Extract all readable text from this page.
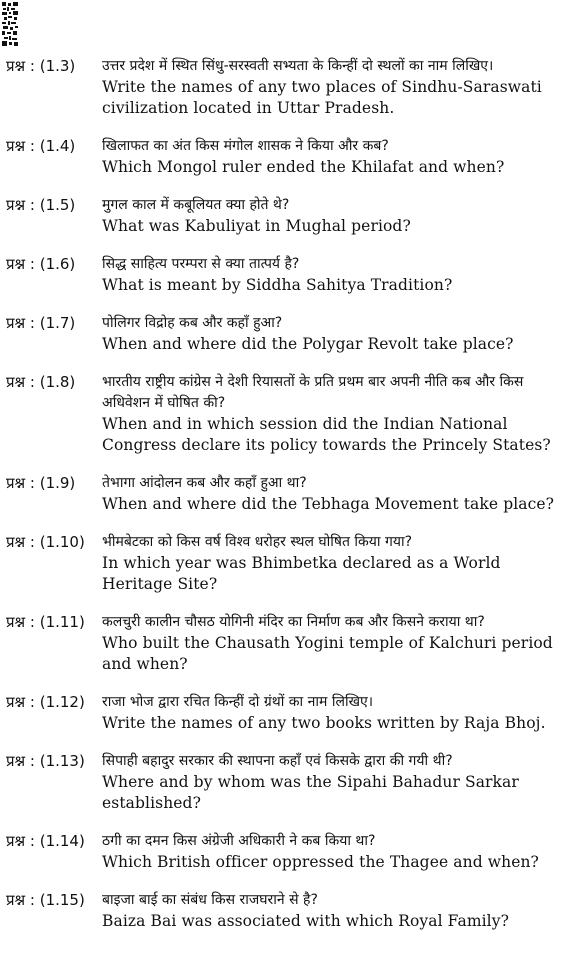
प्रश्न : (1.3)	उत्तर प्रदेश में स्थित सिंधु-सरस्वती सभ्यता के किन्हीं दो स्थलों का नाम लिखिए।
Write the names of any two places of Sindhu-Saraswati civilization located in Uttar Pradesh.
प्रश्न : (1.4)	खिलाफत का अंत किस मंगोल शासक ने किया और कब?
Which Mongol ruler ended the Khilafat and when?
प्रश्न : (1.5)	मुगल काल में कबूलियत क्या होते थे?
What was Kabuliyat in Mughal period?
प्रश्न : (1.6)	सिद्ध साहित्य परम्परा से क्या तात्पर्य है?
What is meant by Siddha Sahitya Tradition?
प्रश्न : (1.7)	पोलिगर विद्रोह कब और कहाँ हुआ?
When and where did the Polygar Revolt take place?
प्रश्न : (1.8)	भारतीय राष्ट्रीय कांग्रेस ने देशी रियासतों के प्रति प्रथम बार अपनी नीति कब और किस अधिवेशन में घोषित की?
When and in which session did the Indian National Congress declare its policy towards the Princely States?
प्रश्न : (1.9)	तेभागा आंदोलन कब और कहाँ हुआ था?
When and where did the Tebhaga Movement take place?
प्रश्न : (1.10)	भीमबेटका को किस वर्ष विश्व धरोहर स्थल घोषित किया गया?
In which year was Bhimbetka declared as a World Heritage Site?
प्रश्न : (1.11)	कलचुरी कालीन चौसठ योगिनी मंदिर का निर्माण कब और किसने कराया था?
Who built the Chausath Yogini temple of Kalchuri period and when?
प्रश्न : (1.12)	राजा भोज द्वारा रचित किन्हीं दो ग्रंथों का नाम लिखिए।
Write the names of any two books written by Raja Bhoj.
प्रश्न : (1.13)	सिपाही बहादुर सरकार की स्थापना कहाँ एवं किसके द्वारा की गयी थी?
Where and by whom was the Sipahi Bahadur Sarkar established?
प्रश्न : (1.14)	ठगी का दमन किस अंग्रेजी अधिकारी ने कब किया था?
Which British officer oppressed the Thagee and when?
प्रश्न : (1.15)	बाइजा बाई का संबंध किस राजघराने से है?
Baiza Bai was associated with which Royal Family?
